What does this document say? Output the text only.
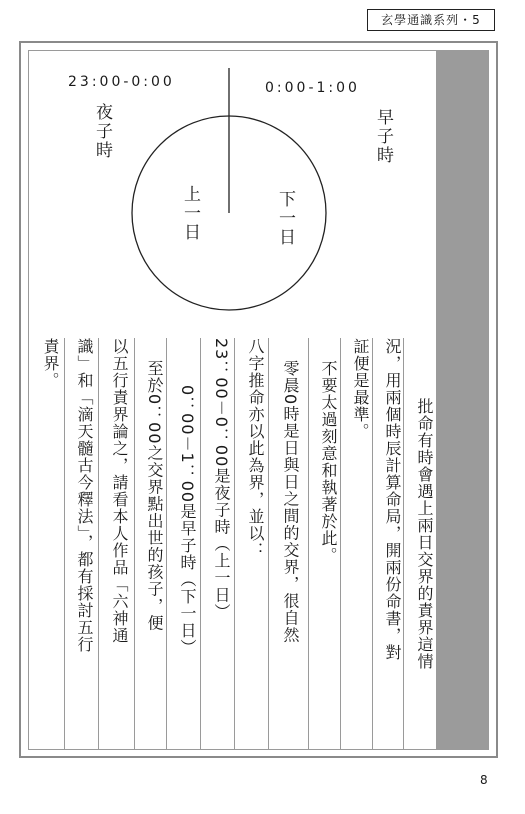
玄學通識系列・5
23:00-0:00	0:00-1:00
夜子時	早子時
上一日	下一日
批命有時會遇上兩日交界的責界這情
況，用兩個時辰計算命局，開兩份命書，對
証便是最準。
不要太過刻意和執著於此。
零晨0時是日與日之間的交界，很自然
八字推命亦以此為界，並以：
23：00－0：00是夜子時（上一日）
0：00－1：00是早子時（下一日）
至於0：00之交界點出世的孩子，便
以五行責界論之，請看本人作品「六神通
識」和「滴天髓古今釋法」，都有採討五行
責界。
8
